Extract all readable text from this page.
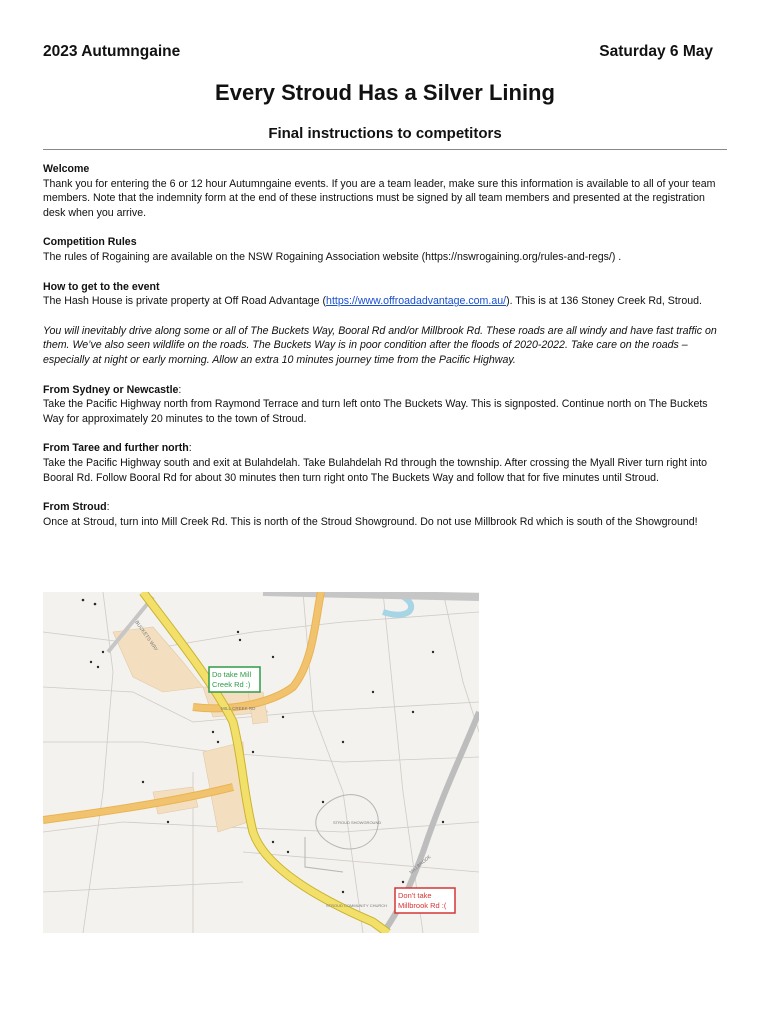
2023 Autumngaine	Saturday 6 May
Every Stroud Has a Silver Lining
Final instructions to competitors
Welcome

Thank you for entering the 6 or 12 hour Autumngaine events. If you are a team leader, make sure this information is available to all of your team members. Note that the indemnity form at the end of these instructions must be signed by all team members and presented at the registration desk when you arrive.

Competition Rules

The rules of Rogaining are available on the NSW Rogaining Association website (https://nswrogaining.org/rules-and-regs/) .

How to get to the event

The Hash House is private property at Off Road Advantage (https://www.offroadadvantage.com.au/). This is at 136 Stoney Creek Rd, Stroud.

You will inevitably drive along some or all of The Buckets Way, Booral Rd and/or Millbrook Rd. These roads are all windy and have fast traffic on them. We’ve also seen wildlife on the roads. The Buckets Way is in poor condition after the floods of 2020-2022. Take care on the roads – especially at night or early morning. Allow an extra 10 minutes journey time from the Pacific Highway.

From Sydney or Newcastle:

Take the Pacific Highway north from Raymond Terrace and turn left onto The Buckets Way. This is signposted. Continue north on The Buckets Way for approximately 20 minutes to the town of Stroud.

From Taree and further north:

Take the Pacific Highway south and exit at Bulahdelah. Take Bulahdelah Rd through the township. After crossing the Myall River turn right into Booral Rd. Follow Booral Rd for about 30 minutes then turn right onto The Buckets Way and follow that for five minutes until Stroud.

From Stroud:

Once at Stroud, turn into Mill Creek Rd. This is north of the Stroud Showground. Do not use Millbrook Rd which is south of the Showground!

BUCKETS WAY
MILL CREEK RD
STROUD SHOWGROUND
MILLBROOK
STROUD COMMUNITY CHURCH
Do take Mill
Creek Rd :)
Don't take
Millbrook Rd :(
